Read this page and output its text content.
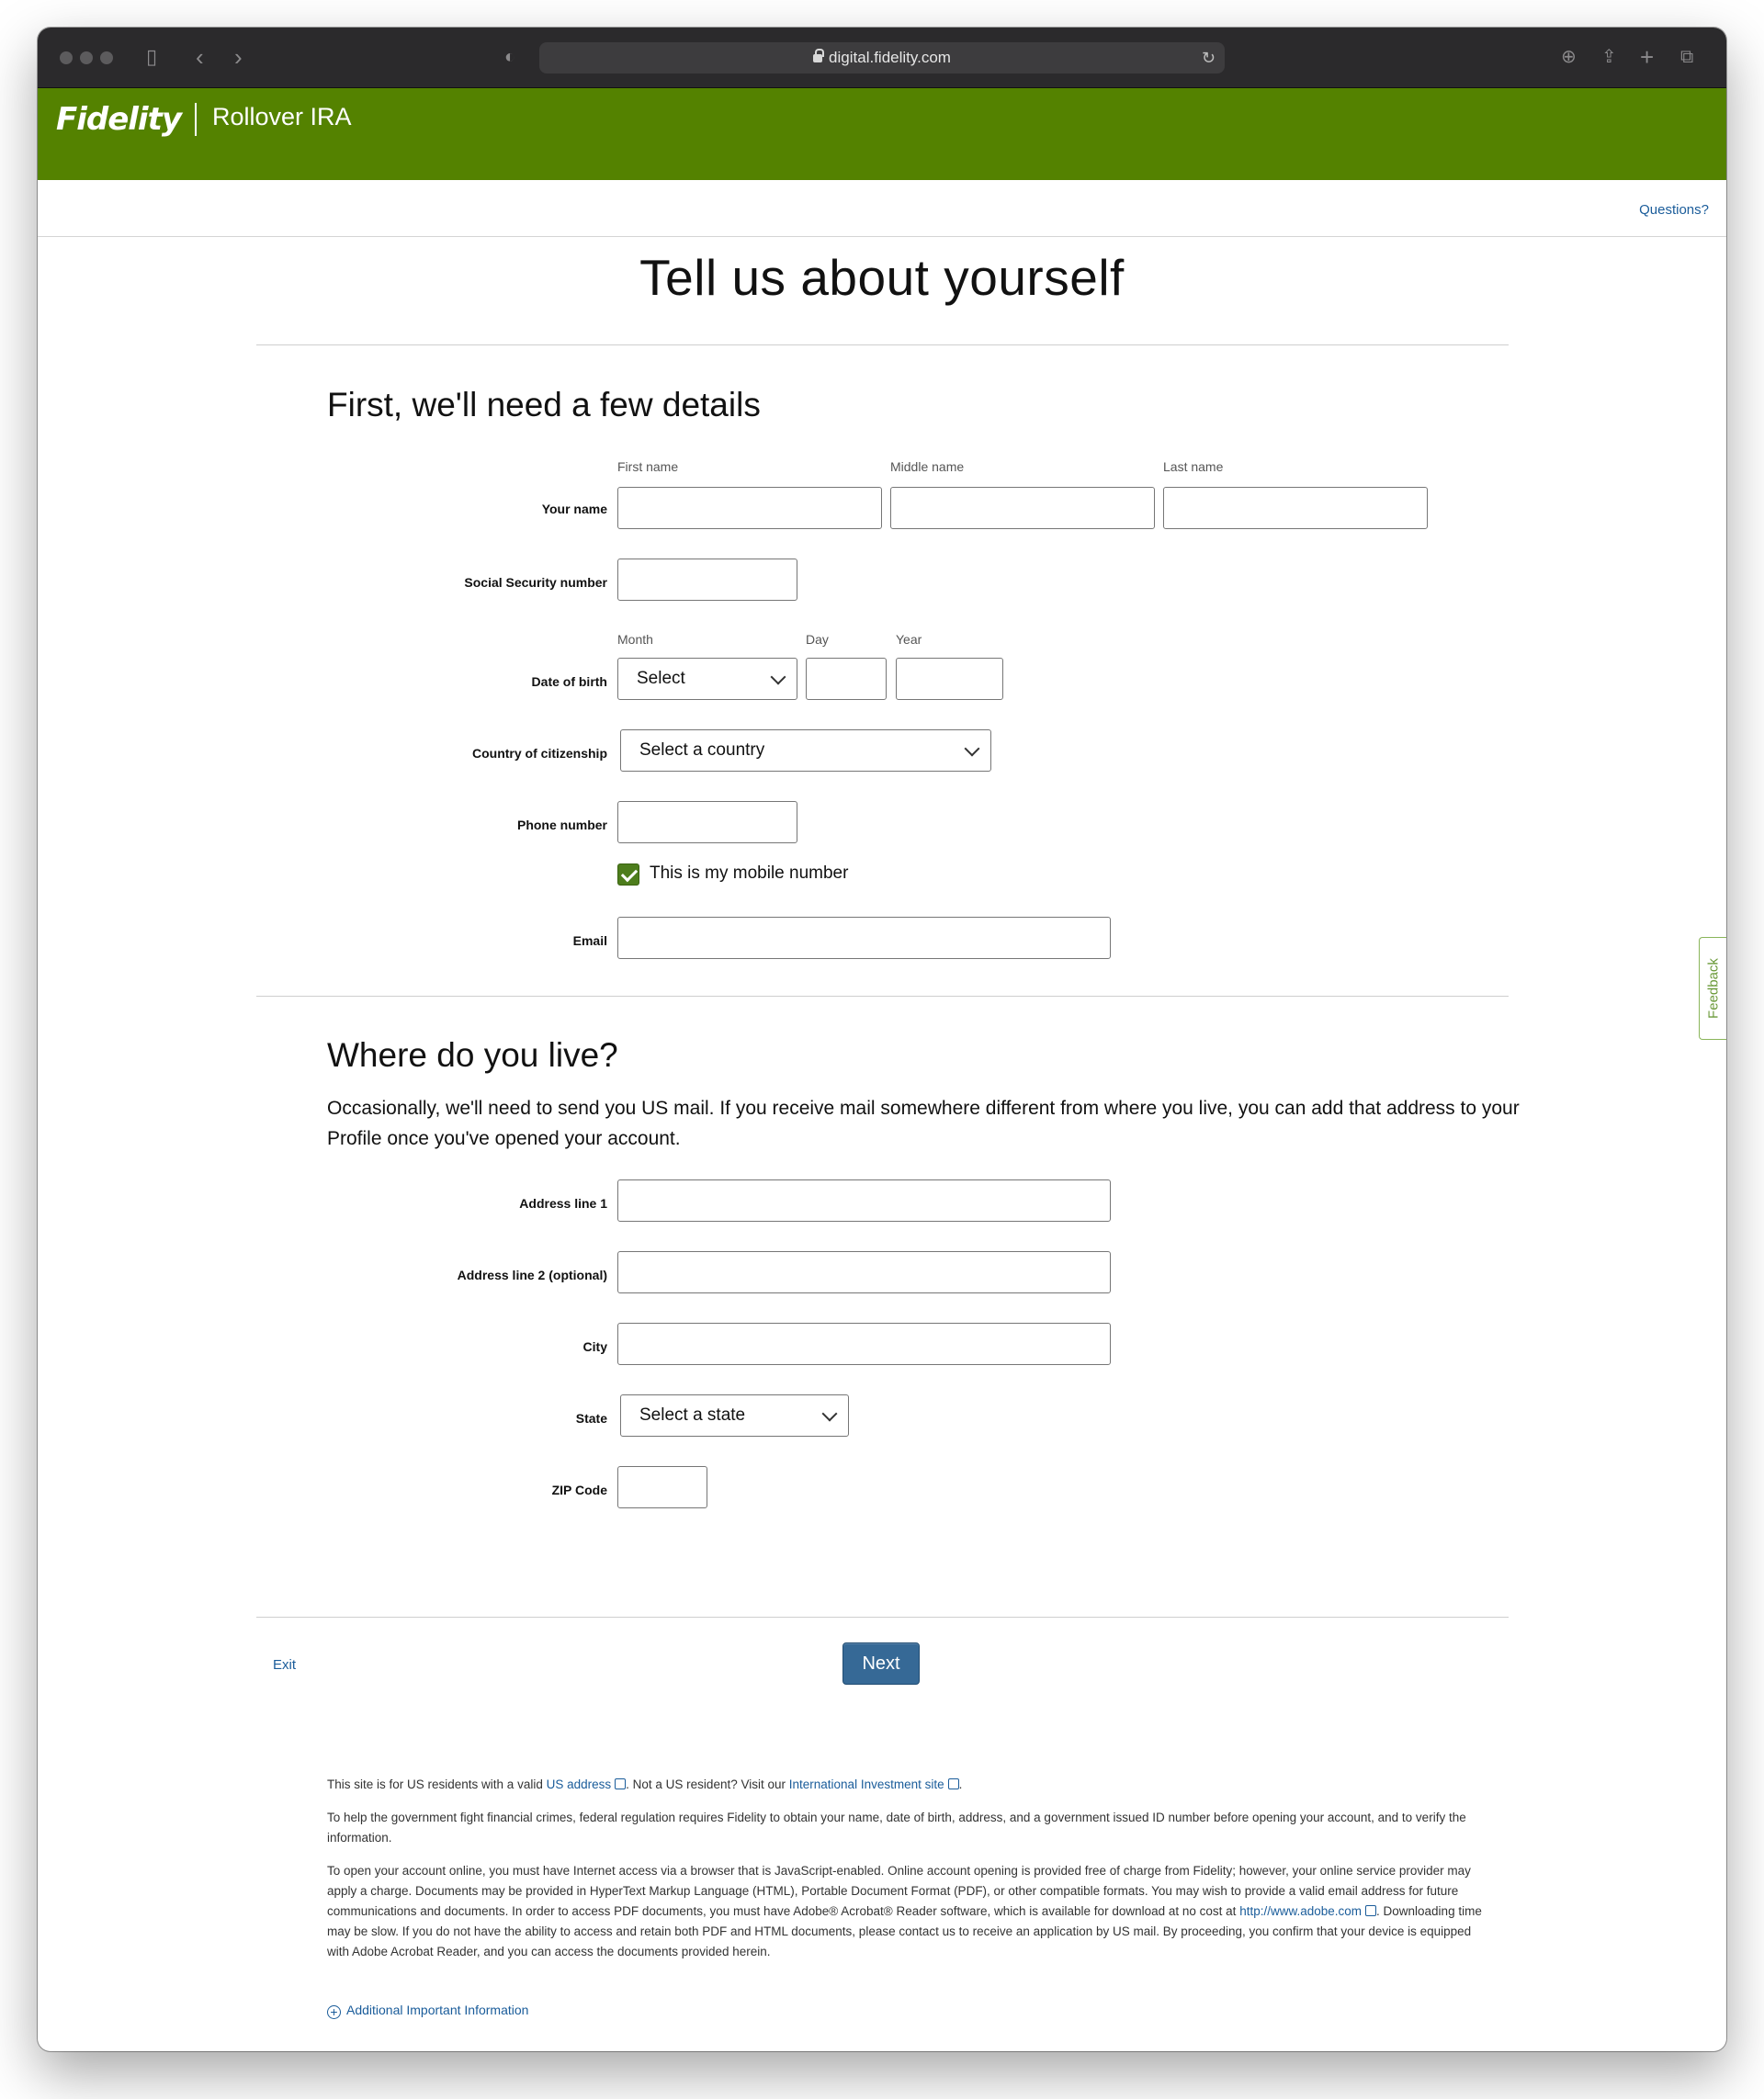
▯ ‹ ›	◐	digital.fidelity.com	↻	⊕ ⇪ + ⧉
Fidelity Rollover IRA
Questions?
Tell us about yourself
First, we'll need a few details
First name	Middle name	Last name
Your name
Social Security number
Month	Day	Year
Date of birth	Select
Country of citizenship	Select a country
Phone number
This is my mobile number
Email
Where do you live?

Occasionally, we'll need to send you US mail. If you receive mail somewhere different from where you live, you can add that address to your Profile once you've opened your account.

Address line 1
Address line 2 (optional)
City
State	Select a state
ZIP Code
Exit	Next

This site is for US residents with a valid US address . Not a US resident? Visit our International Investment site .

To help the government fight financial crimes, federal regulation requires Fidelity to obtain your name, date of birth, address, and a government issued ID number before opening your account, and to verify the information.

To open your account online, you must have Internet access via a browser that is JavaScript-enabled. Online account opening is provided free of charge from Fidelity; however, your online service provider may apply a charge. Documents may be provided in HyperText Markup Language (HTML), Portable Document Format (PDF), or other compatible formats. You may wish to provide a valid email address for future communications and documents. In order to access PDF documents, you must have Adobe® Acrobat® Reader software, which is available for download at no cost at http://www.adobe.com . Downloading time may be slow. If you do not have the ability to access and retain both PDF and HTML documents, please contact us to receive an application by US mail. By proceeding, you confirm that your device is equipped with Adobe Acrobat Reader, and you can access the documents provided herein.

+ Additional Important Information
Feedback
